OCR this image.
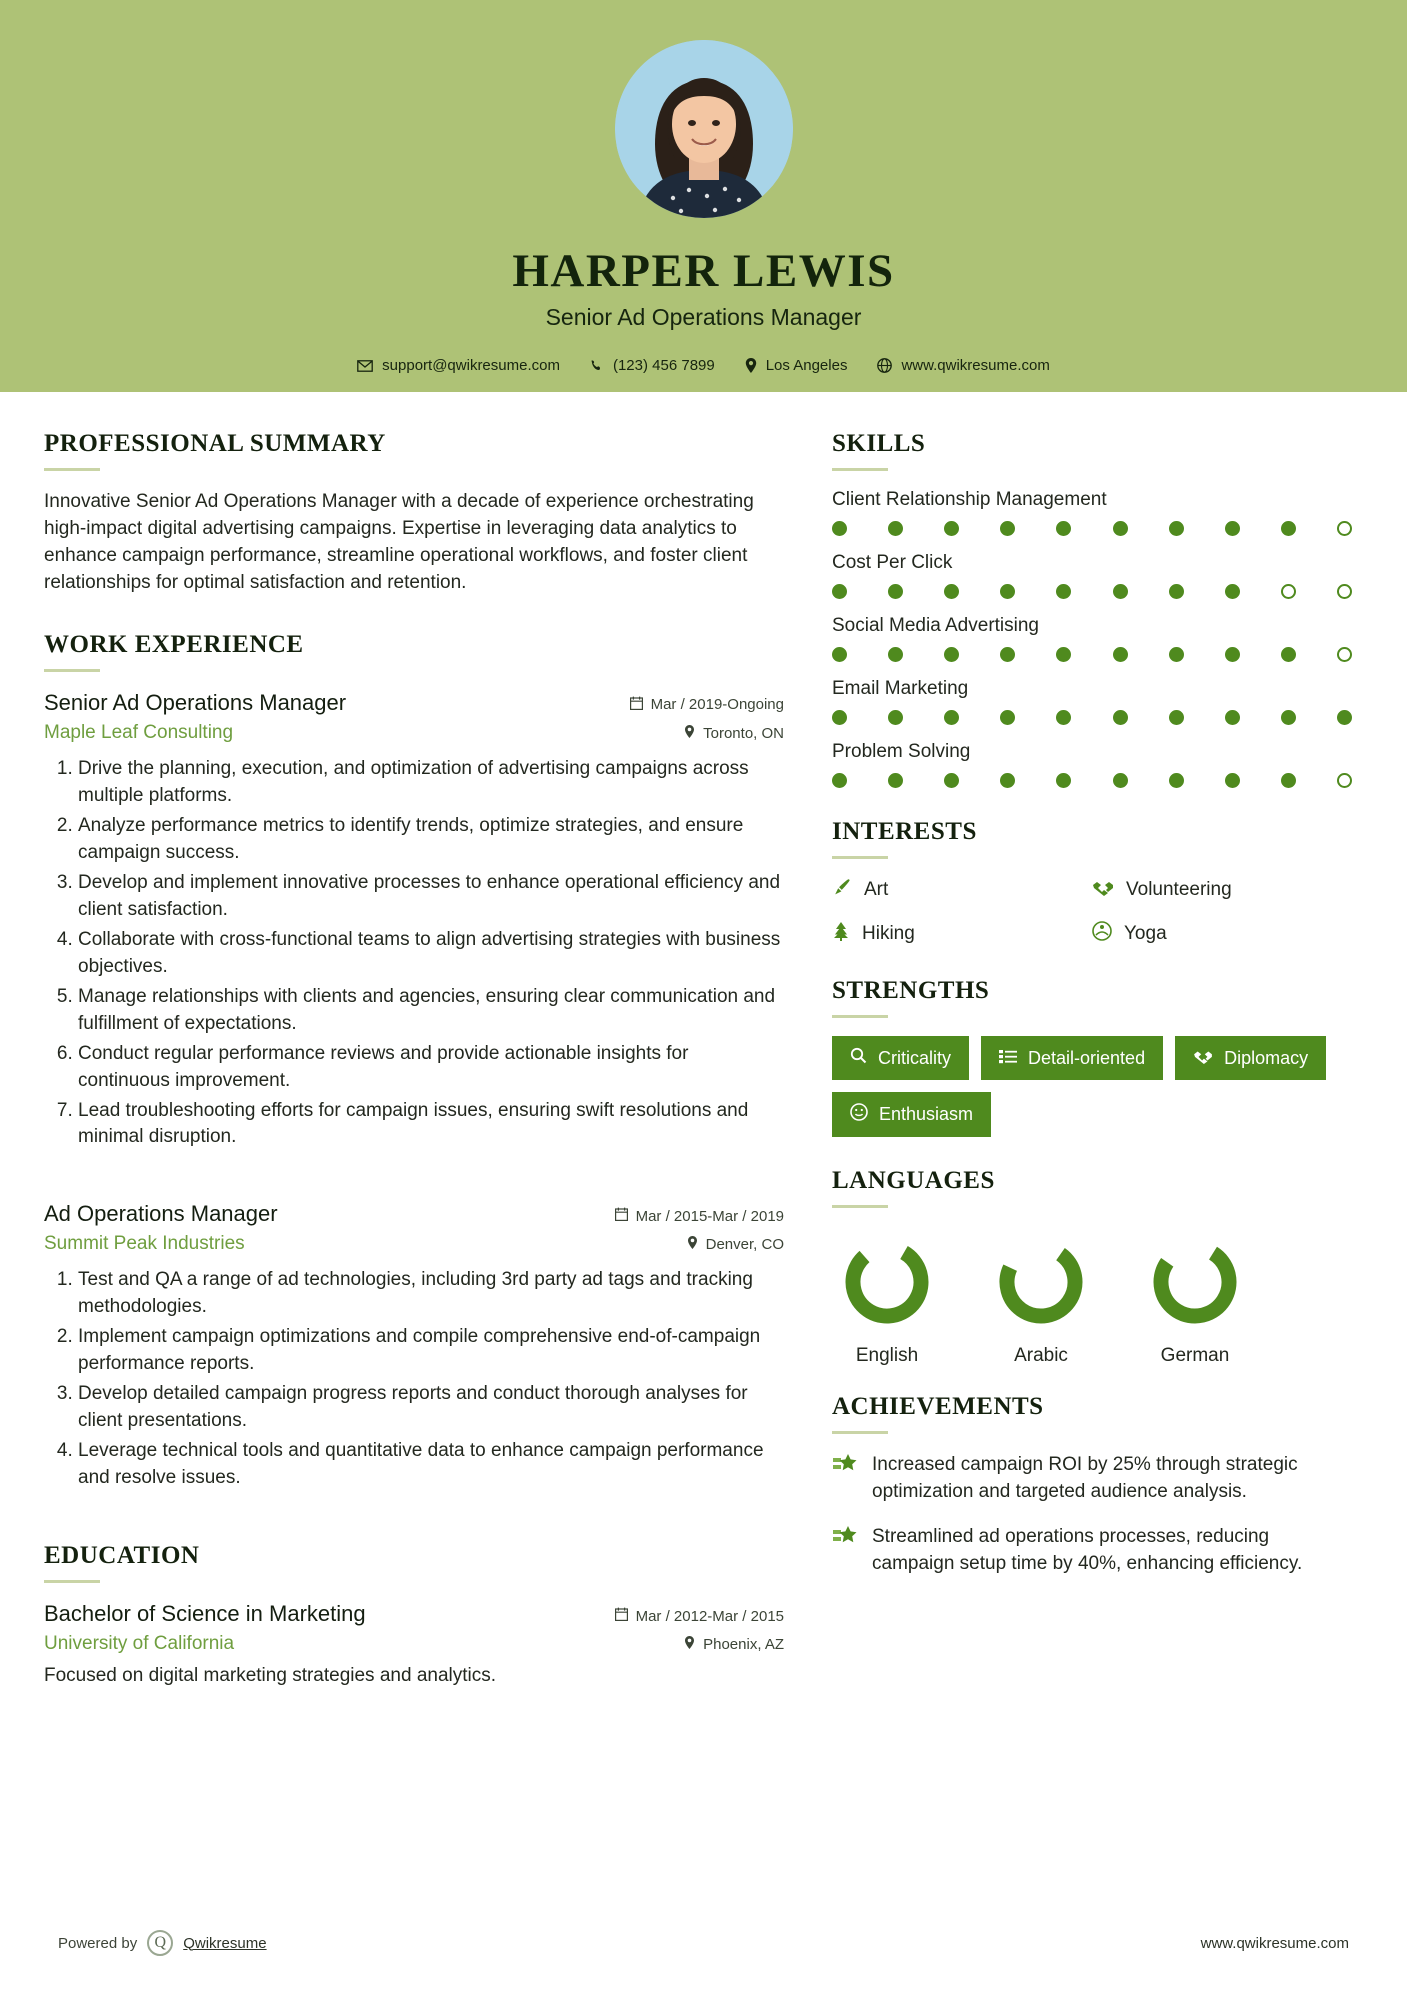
HARPER LEWIS
Senior Ad Operations Manager
support@qwikresume.com	(123) 456 7899	Los Angeles	www.qwikresume.com
PROFESSIONAL SUMMARY

Innovative Senior Ad Operations Manager with a decade of experience orchestrating high-impact digital advertising campaigns. Expertise in leveraging data analytics to enhance campaign performance, streamline operational workflows, and foster client relationships for optimal satisfaction and retention.

WORK EXPERIENCE
Senior Ad Operations Manager	Mar / 2019-Ongoing
Maple Leaf Consulting	Toronto, ON
1. Drive the planning, execution, and optimization of advertising campaigns across multiple platforms.
2. Analyze performance metrics to identify trends, optimize strategies, and ensure campaign success.
3. Develop and implement innovative processes to enhance operational efficiency and client satisfaction.
4. Collaborate with cross-functional teams to align advertising strategies with business objectives.
5. Manage relationships with clients and agencies, ensuring clear communication and fulfillment of expectations.
6. Conduct regular performance reviews and provide actionable insights for continuous improvement.
7. Lead troubleshooting efforts for campaign issues, ensuring swift resolutions and minimal disruption.
Ad Operations Manager	Mar / 2015-Mar / 2019
Summit Peak Industries	Denver, CO
1. Test and QA a range of ad technologies, including 3rd party ad tags and tracking methodologies.
2. Implement campaign optimizations and compile comprehensive end-of-campaign performance reports.
3. Develop detailed campaign progress reports and conduct thorough analyses for client presentations.
4. Leverage technical tools and quantitative data to enhance campaign performance and resolve issues.
EDUCATION
Bachelor of Science in Marketing	Mar / 2012-Mar / 2015
University of California	Phoenix, AZ
Focused on digital marketing strategies and analytics.
SKILLS
Client Relationship Management
Cost Per Click
Social Media Advertising
Email Marketing
Problem Solving
INTERESTS
Art	Volunteering
Hiking	Yoga
STRENGTHS
Criticality	Detail-oriented	Diplomacy
Enthusiasm
LANGUAGES
English	Arabic	German
ACHIEVEMENTS
Increased campaign ROI by 25% through strategic optimization and targeted audience analysis.
Streamlined ad operations processes, reducing campaign setup time by 40%, enhancing efficiency.
Powered by	Q	Qwikresume	www.qwikresume.com
